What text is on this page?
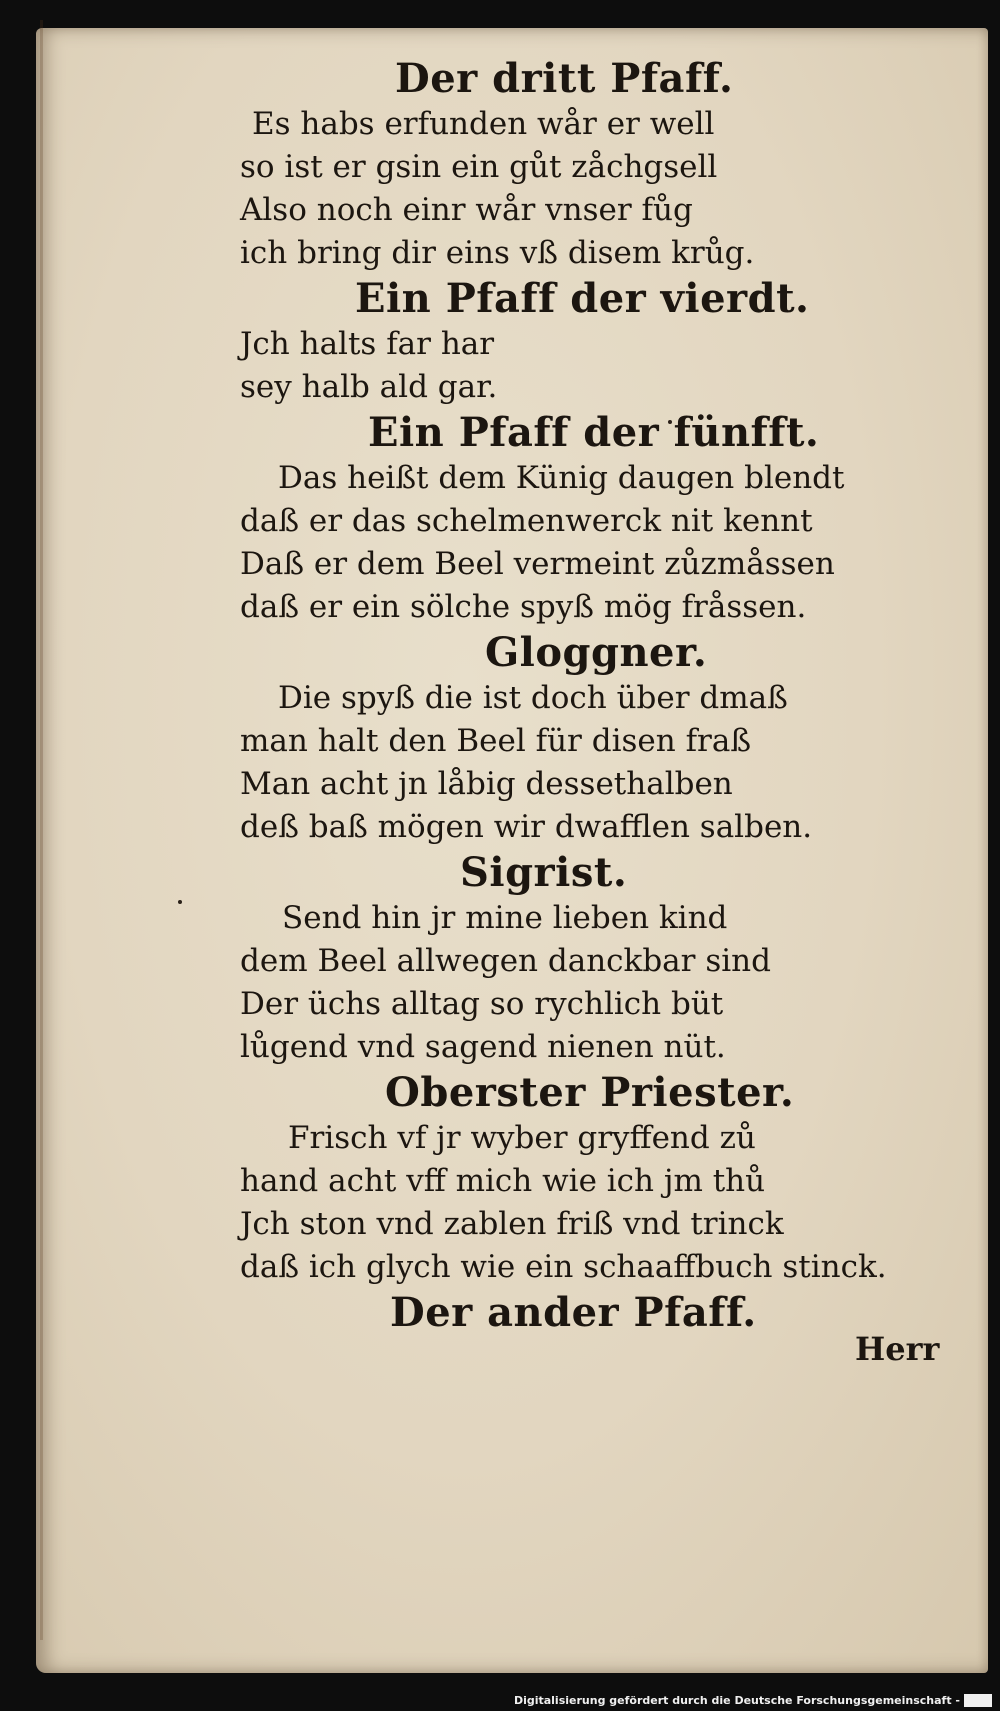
Der dritt Pfaff.
Es habs erfunden wår er well
so ist er gsin ein gůt zåchgsell
Also noch einr wår vnser fůg
ich bring dir eins vß disem krůg.
Ein Pfaff der vierdt.
Jch halts far har
sey halb ald gar.
Ein Pfaff der fünfft.
Das heißt dem Künig daugen blendt
daß er das schelmenwerck nit kennt
Daß er dem Beel vermeint zůzmåssen
daß er ein sölche spyß mög fråssen.
Gloggner.
Die spyß die ist doch über dmaß
man halt den Beel für disen fraß
Man acht jn låbig dessethalben
deß baß mögen wir dwafflen salben.
Sigrist.
Send hin jr mine lieben kind
dem Beel allwegen danckbar sind
Der üchs alltag so rychlich büt
lůgend vnd sagend nienen nüt.
Oberster Priester.
Frisch vf jr wyber gryffend zů
hand acht vff mich wie ich jm thů
Jch ston vnd zablen friß vnd trinck
daß ich glych wie ein schaaffbuch stinck.
Der ander Pfaff.
Herr
Digitalisierung gefördert durch die Deutsche Forschungsgemeinschaft -
